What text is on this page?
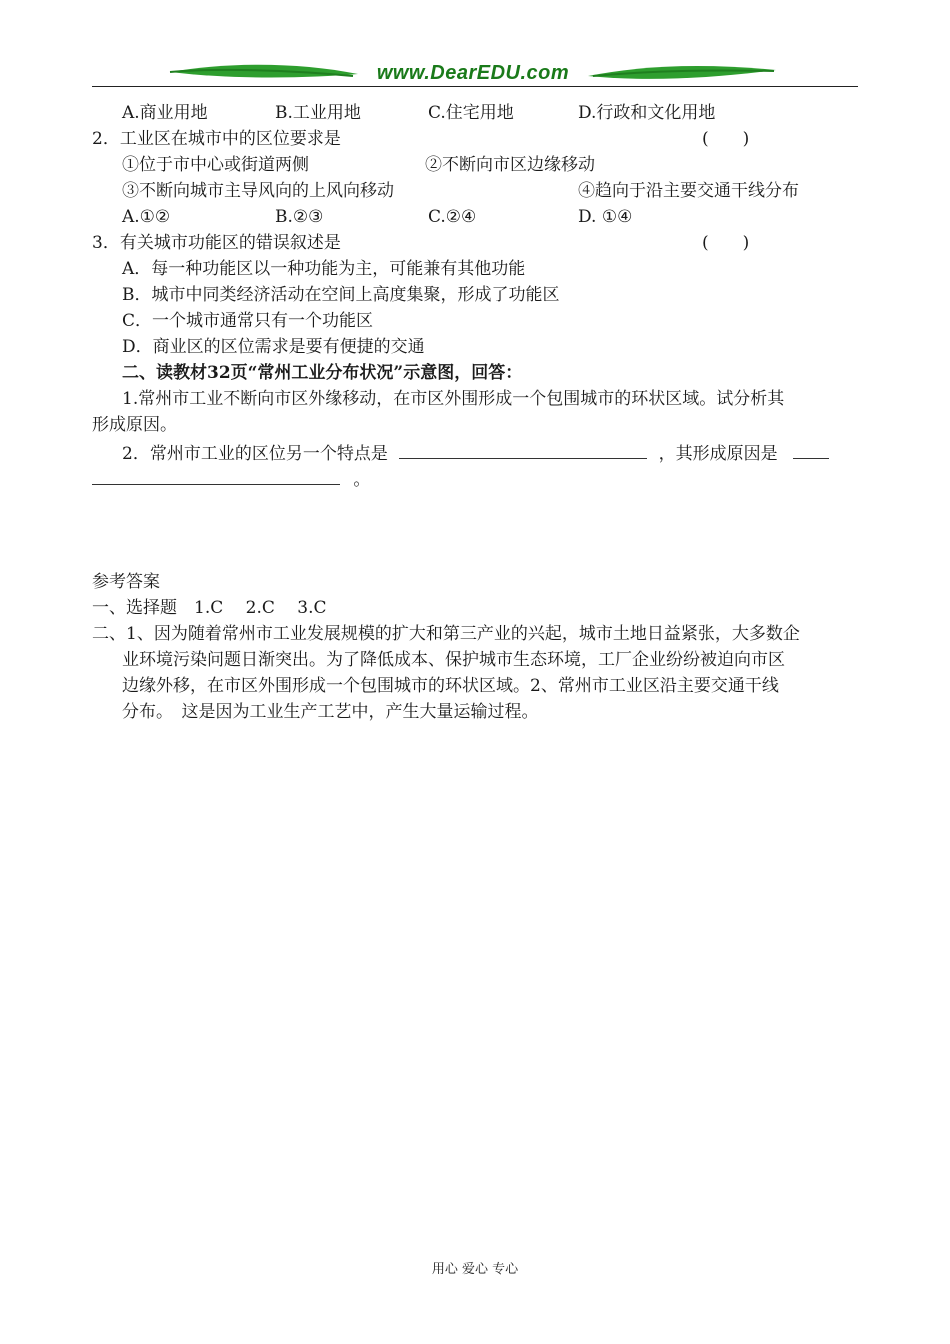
www.DearEDU.com
A.商业用地	B.工业用地	C.住宅用地	D.行政和文化用地
2．工业区在城市中的区位要求是	(　　)
①位于市中心或街道两侧	②不断向市区边缘移动
③不断向城市主导风向的上风向移动	④趋向于沿主要交通干线分布
A.①②	B.②③	C.②④	D. ①④
3．有关城市功能区的错误叙述是	(　　)
A．每一种功能区以一种功能为主，可能兼有其他功能
B．城市中同类经济活动在空间上高度集聚，形成了功能区
C．一个城市通常只有一个功能区
D．商业区的区位需求是要有便捷的交通
二、读教材32页“常州工业分布状况”示意图，回答：
1.常州市工业不断向市区外缘移动，在市区外围形成一个包围城市的环状区域。试分析其
形成原因。
2．常州市工业的区位另一个特点是	，其形成原因是
。
参考答案
一、选择题　1.C　 2.C　 3.C
二、1、因为随着常州市工业发展规模的扩大和第三产业的兴起，城市土地日益紧张，大多数企
业环境污染问题日渐突出。为了降低成本、保护城市生态环境，工厂企业纷纷被迫向市区
边缘外移，在市区外围形成一个包围城市的环状区域。2、常州市工业区沿主要交通干线
分布。　这是因为工业生产工艺中，产生大量运输过程。
用心 爱心 专心
